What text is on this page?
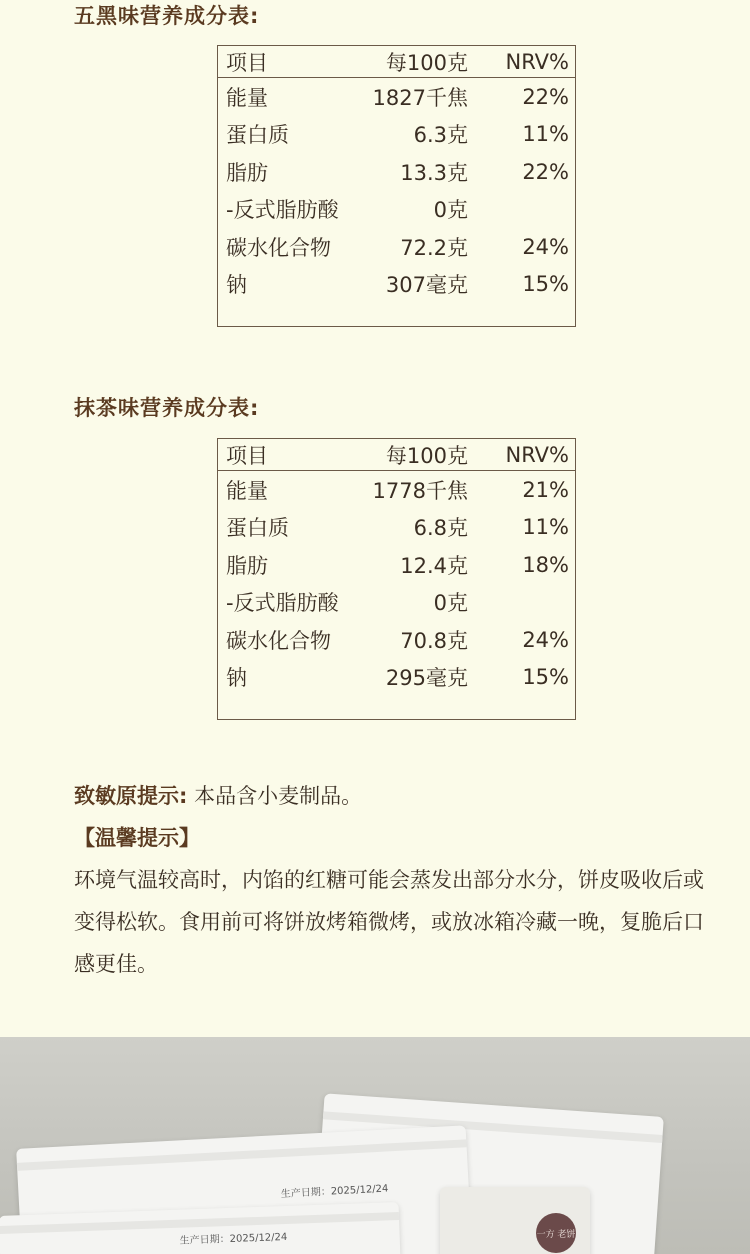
五黑味营养成分表:
项目	每100克	NRV%
能量	1827千焦	22%
蛋白质	6.3克	11%
脂肪	13.3克	22%
-反式脂肪酸	0克
碳水化合物	72.2克	24%
钠	307毫克	15%
抹茶味营养成分表:
项目	每100克	NRV%
能量	1778千焦	21%
蛋白质	6.8克	11%
脂肪	12.4克	18%
-反式脂肪酸	0克
碳水化合物	70.8克	24%
钠	295毫克	15%
致敏原提示: 本品含小麦制品。
【温馨提示】
环境气温较高时，内馅的红糖可能会蒸发出部分水分，饼皮吸收后或变得松软。食用前可将饼放烤箱微烤，或放冰箱冷藏一晚，复脆后口感更佳。
生产日期：2025/12/24
一方 老饼
生产日期：2025/12/24
